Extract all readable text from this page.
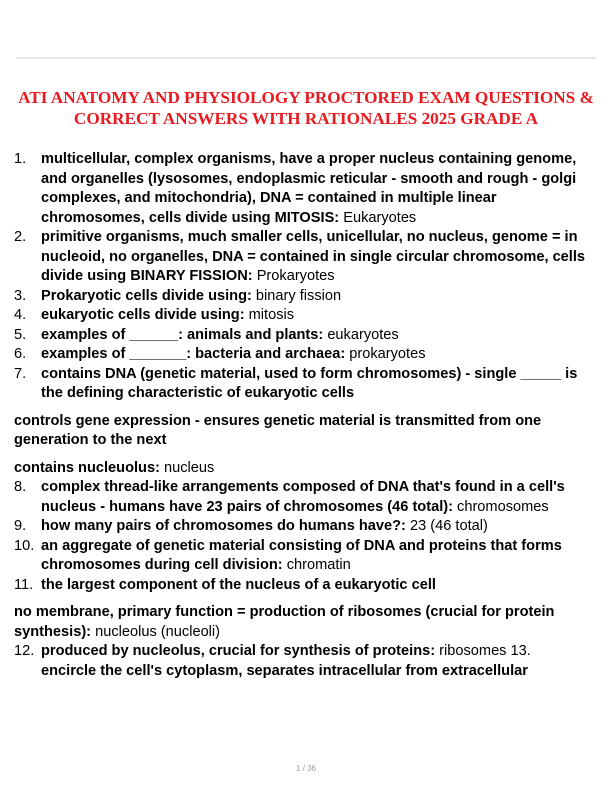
ATI ANATOMY AND PHYSIOLOGY PROCTORED EXAM QUESTIONS & CORRECT ANSWERS WITH RATIONALES 2025 GRADE A
1. multicellular, complex organisms, have a proper nucleus containing genome, and organelles (lysosomes, endoplasmic reticular - smooth and rough - golgi complexes, and mitochondria), DNA = contained in multiple linear chromosomes, cells divide using MITOSIS: Eukaryotes
2. primitive organisms, much smaller cells, unicellular, no nucleus, genome = in nucleoid, no organelles, DNA = contained in single circular chromosome, cells divide using BINARY FISSION: Prokaryotes
3. Prokaryotic cells divide using: binary fission
4. eukaryotic cells divide using: mitosis
5. examples of ______: animals and plants: eukaryotes
6. examples of _______: bacteria and archaea: prokaryotes
7. contains DNA (genetic material, used to form chromosomes) - single _____ is the defining characteristic of eukaryotic cells

controls gene expression - ensures genetic material is transmitted from one generation to the next

contains nucleuolus: nucleus

8. complex thread-like arrangements composed of DNA that's found in a cell's nucleus - humans have 23 pairs of chromosomes (46 total): chromosomes
9. how many pairs of chromosomes do humans have?: 23 (46 total)
10. an aggregate of genetic material consisting of DNA and proteins that forms chromosomes during cell division: chromatin
11. the largest component of the nucleus of a eukaryotic cell

no membrane, primary function = production of ribosomes (crucial for protein synthesis): nucleolus (nucleoli)

12. produced by nucleolus, crucial for synthesis of proteins: ribosomes 13.
encircle the cell's cytoplasm, separates intracellular from extracellular
1 / 36
